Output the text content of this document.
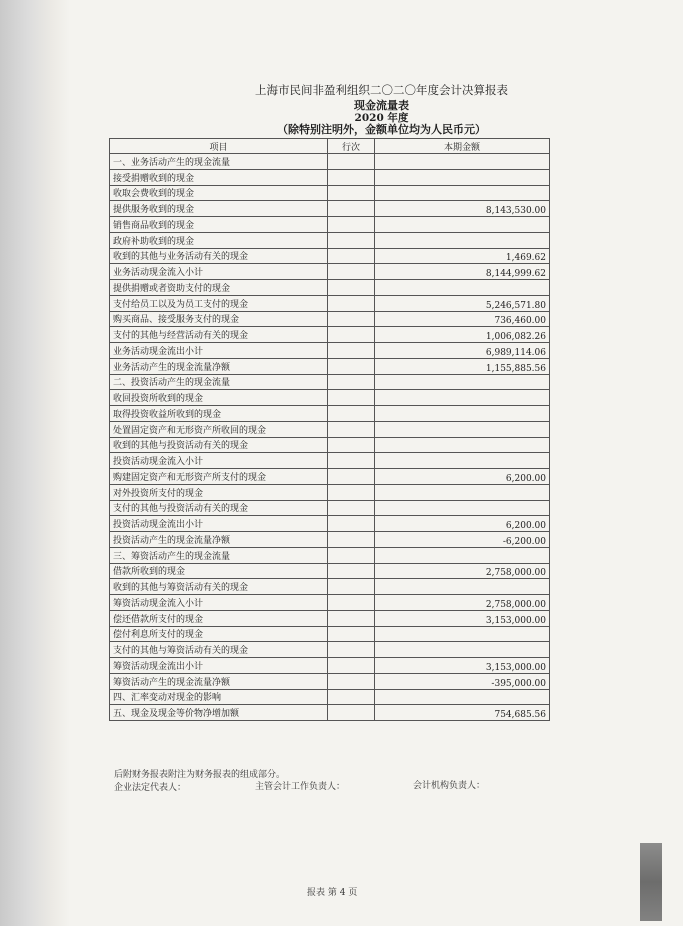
上海市民间非盈利组织二〇二〇年度会计决算报表
现金流量表
2020 年度
（除特别注明外，金额单位均为人民币元）
项目	行次	本期金额
一、业务活动产生的现金流量		
接受捐赠收到的现金		
收取会费收到的现金		
提供服务收到的现金		8,143,530.00
销售商品收到的现金		
政府补助收到的现金		
收到的其他与业务活动有关的现金		1,469.62
业务活动现金流入小计		8,144,999.62
提供捐赠或者资助支付的现金		
支付给员工以及为员工支付的现金		5,246,571.80
购买商品、接受服务支付的现金		736,460.00
支付的其他与经营活动有关的现金		1,006,082.26
业务活动现金流出小计		6,989,114.06
业务活动产生的现金流量净额		1,155,885.56
二、投资活动产生的现金流量		
收回投资所收到的现金		
取得投资收益所收到的现金		
处置固定资产和无形资产所收回的现金		
收到的其他与投资活动有关的现金		
投资活动现金流入小计		
购建固定资产和无形资产所支付的现金		6,200.00
对外投资所支付的现金		
支付的其他与投资活动有关的现金		
投资活动现金流出小计		6,200.00
投资活动产生的现金流量净额		-6,200.00
三、筹资活动产生的现金流量		
借款所收到的现金		2,758,000.00
收到的其他与筹资活动有关的现金		
筹资活动现金流入小计		2,758,000.00
偿还借款所支付的现金		3,153,000.00
偿付利息所支付的现金		
支付的其他与筹资活动有关的现金		
筹资活动现金流出小计		3,153,000.00
筹资活动产生的现金流量净额		-395,000.00
四、汇率变动对现金的影响		
五、现金及现金等价物净增加额		754,685.56
后附财务报表附注为财务报表的组成部分。
企业法定代表人：	主管会计工作负责人：	会计机构负责人：
报表 第 4 页
